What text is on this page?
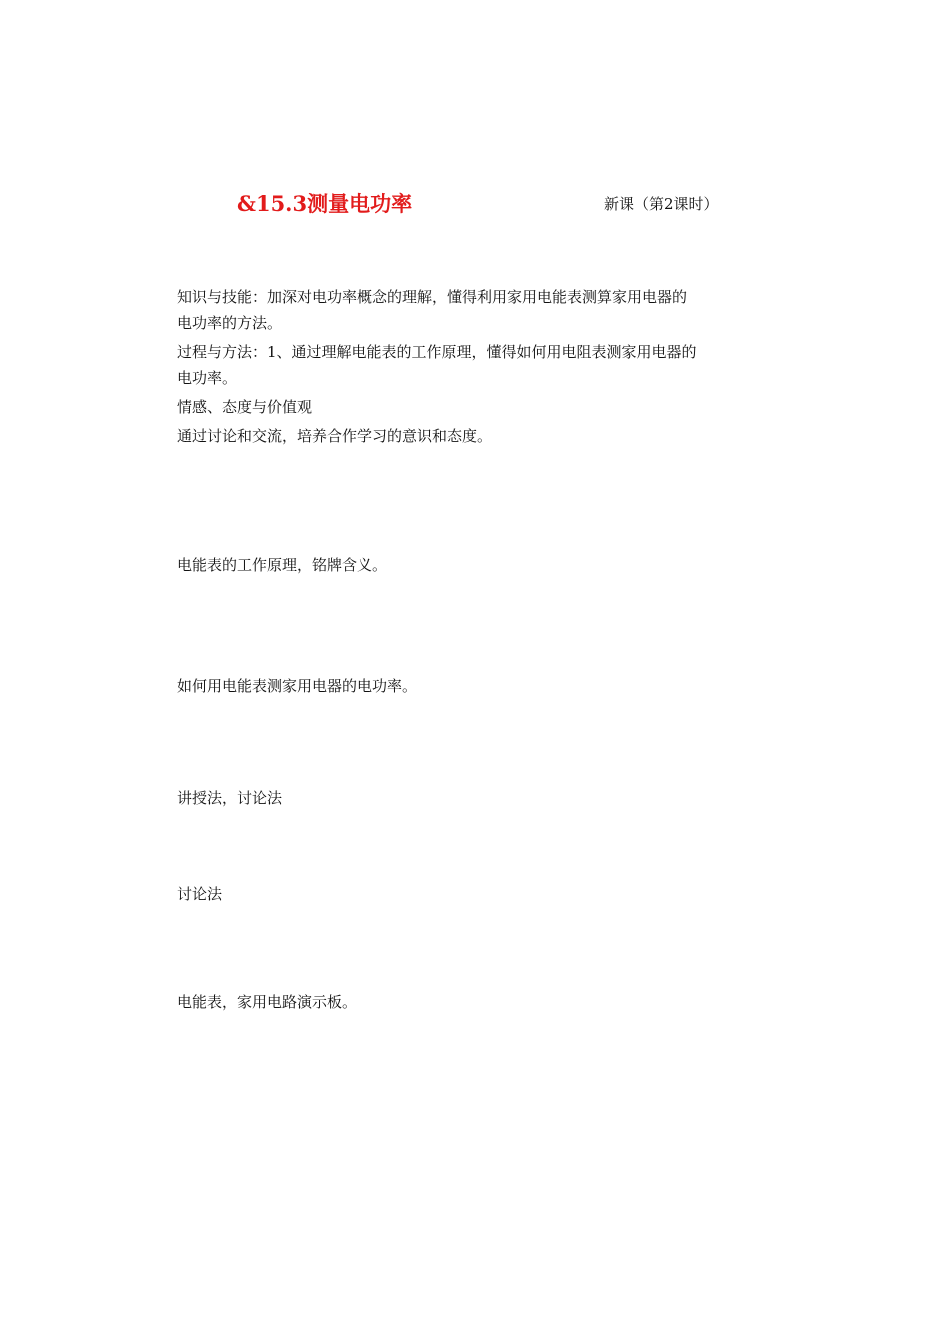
&15.3测量电功率	新课（第2课时）
知识与技能：加深对电功率概念的理解，懂得利用家用电能表测算家用电器的
电功率的方法。
过程与方法：1、通过理解电能表的工作原理，懂得如何用电阻表测家用电器的
电功率。
情感、态度与价值观
通过讨论和交流，培养合作学习的意识和态度。
电能表的工作原理，铭牌含义。
如何用电能表测家用电器的电功率。
讲授法，讨论法
讨论法
电能表，家用电路演示板。
